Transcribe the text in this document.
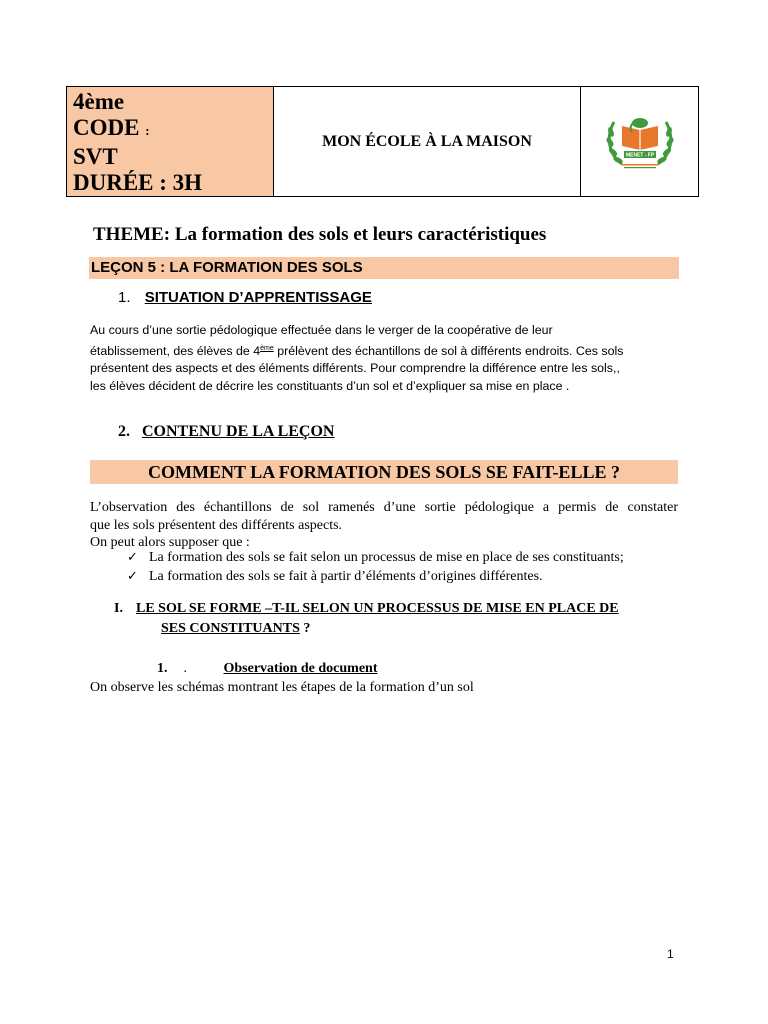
4ème
CODE :
SVT
DURÉE : 3H
MON ÉCOLE À LA MAISON
MENET - FP
THEME: La formation des sols et leurs caractéristiques
LEÇON 5 : LA FORMATION DES SOLS
1. SITUATION D’APPRENTISSAGE
Au cours d’une sortie pédologique effectuée dans le verger de la coopérative de leur
établissement, des élèves de 4ème prélèvent des échantillons de sol à différents endroits. Ces sols
présentent des aspects et des éléments différents. Pour comprendre la différence entre les sols,,
les élèves décident de décrire les constituants d’un sol et d’expliquer sa mise en place .
2. CONTENU DE LA LEÇON
COMMENT LA FORMATION DES SOLS SE FAIT-ELLE ?
L’observation des échantillons de sol ramenés d’une sortie pédologique a permis de constater
que les sols présentent des différents aspects.
On peut alors supposer que :
✓ La formation des sols se fait selon un processus de mise en place de ses constituants;
✓ La formation des sols se fait à partir d’éléments d’origines différentes.
I. LE SOL SE FORME –T-IL SELON UN PROCESSUS DE MISE EN PLACE DE
SES CONSTITUANTS ?
1. .	Observation de document
On observe les schémas montrant les étapes de la formation d’un sol
1
